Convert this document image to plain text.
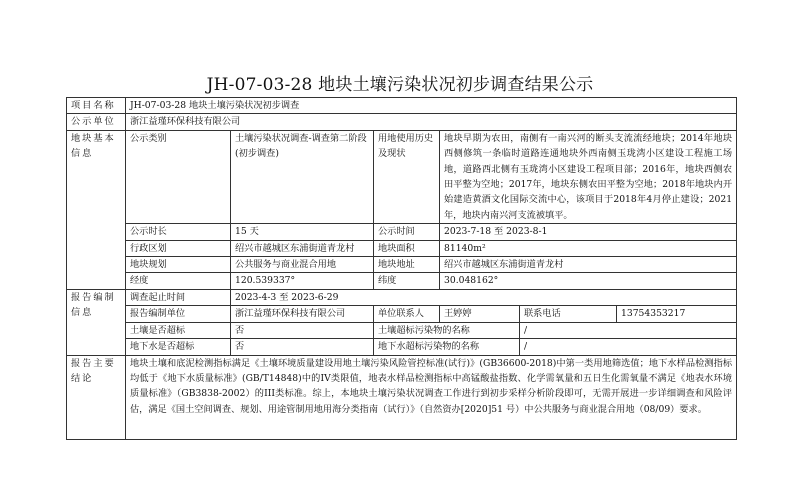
JH-07-03-28 地块土壤污染状况初步调查结果公示
项目名称	JH-07-03-28 地块土壤污染状况初步调查					
公示单位	浙江益瑾环保科技有限公司					
地块基本信息	公示类别	土壤污染状况调查-调查第二阶段(初步调查)	用地使用历史及现状	地块早期为农田，南侧有一南兴河的断头支流流经地块；2014年地块西侧修筑一条临时道路连通地块外西南侧玉珑湾小区建设工程施工场地，道路西北侧有玉珑湾小区建设工程项目部；2016年，地块西侧农田平整为空地；2017年，地块东侧农田平整为空地；2018年地块内开始建造黄酒文化国际交流中心，该项目于2018年4月停止建设；2021年，地块内南兴河支流被填平。		
	公示时长	15 天	公示时间	2023-7-18 至 2023-8-1		
	行政区划	绍兴市越城区东浦街道青龙村	地块面积	81140m²		
	地块规划	公共服务与商业混合用地	地块地址	绍兴市越城区东浦街道青龙村		
	经度	120.539337°	纬度	30.048162°		
报告编制信息	调查起止时间	2023-4-3 至 2023-6-29				
	报告编制单位	浙江益瑾环保科技有限公司	单位联系人	王婷婷	联系电话	13754353217
	土壤是否超标	否	土壤超标污染物的名称		/	
	地下水是否超标	否	地下水超标污染物的名称		/	
报告主要结论	地块土壤和底泥检测指标满足《土壤环境质量建设用地土壤污染风险管控标准(试行)》(GB36600-2018)中第一类用地筛选值；地下水样品检测指标均低于《地下水质量标准》(GB/T14848)中的IV类限值，地表水样品检测指标中高锰酸盐指数、化学需氧量和五日生化需氧量不满足《地表水环境质量标准》（GB3838-2002）的III类标准。综上，本地块土壤污染状况调查工作进行到初步采样分析阶段即可，无需开展进一步详细调查和风险评估，满足《国土空间调查、规划、用途管制用地用海分类指南（试行）》（自然资办[2020]51 号）中公共服务与商业混合用地（08/09）要求。					
